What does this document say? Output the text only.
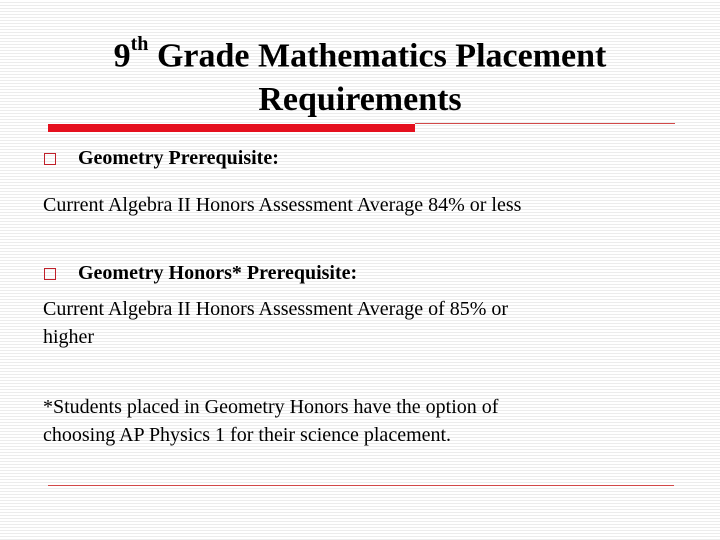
9th Grade Mathematics Placement
Requirements
Geometry Prerequisite:
Current Algebra II Honors Assessment Average 84% or less
Geometry Honors* Prerequisite:
Current Algebra II Honors Assessment Average of 85% or
higher
*Students placed in Geometry Honors have the option of
choosing AP Physics 1 for their science placement.
